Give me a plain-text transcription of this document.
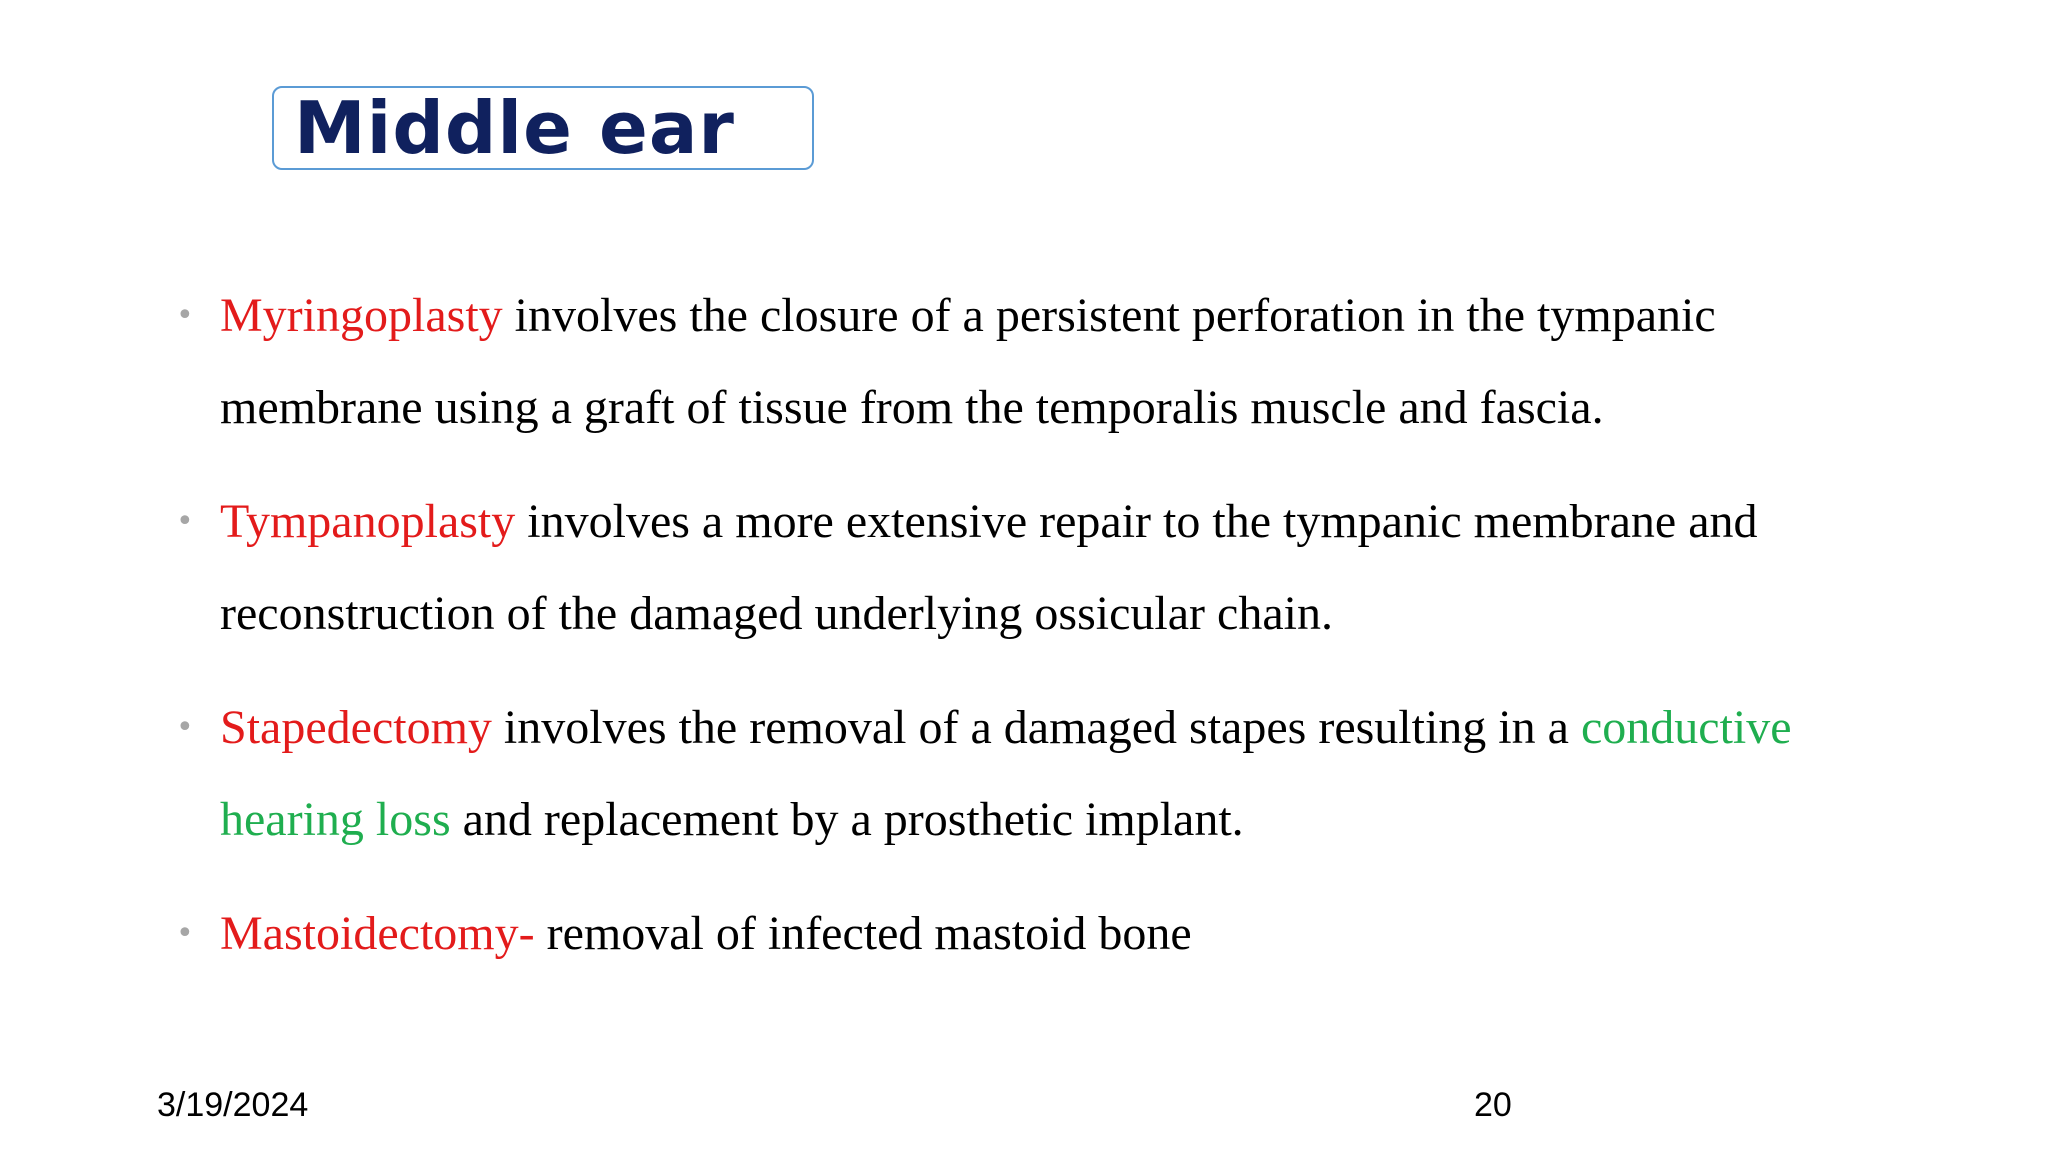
Middle ear
• Myringoplasty involves the closure of a persistent perforation in the tympanic membrane using a graft of tissue from the temporalis muscle and fascia.
• Tympanoplasty involves a more extensive repair to the tympanic membrane and reconstruction of the damaged underlying ossicular chain.
• Stapedectomy involves the removal of a damaged stapes resulting in a conductive hearing loss and replacement by a prosthetic implant.
• Mastoidectomy- removal of infected mastoid bone
3/19/2024	20
